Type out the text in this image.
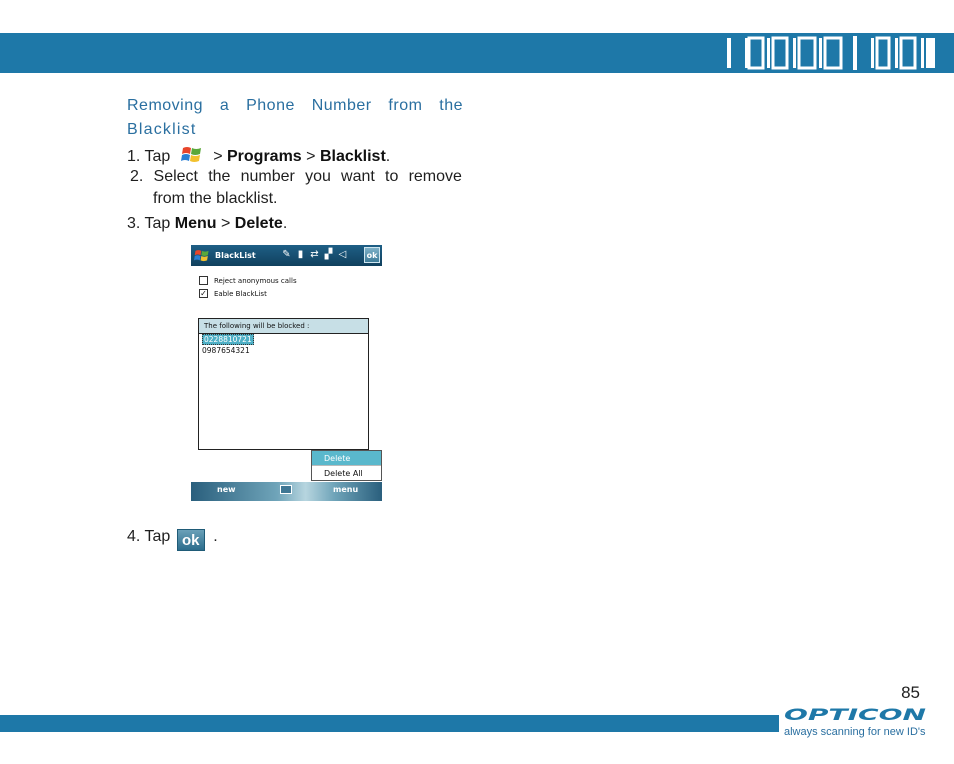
Removing a Phone Number from the
Blacklist
1. Tap	> Programs > Blacklist.
2. Select the number you want to remove
from the blacklist.
3. Tap Menu > Delete.
BlackList	✎ ▮ ⇄ ▞ ◁	ok
Reject anonymous calls
✓ Eable BlackList
The following will be blocked :
0228810721
0987654321
Delete
Delete All
new	menu
4. Tap ok .
85
OPTICON
always scanning for new ID's
